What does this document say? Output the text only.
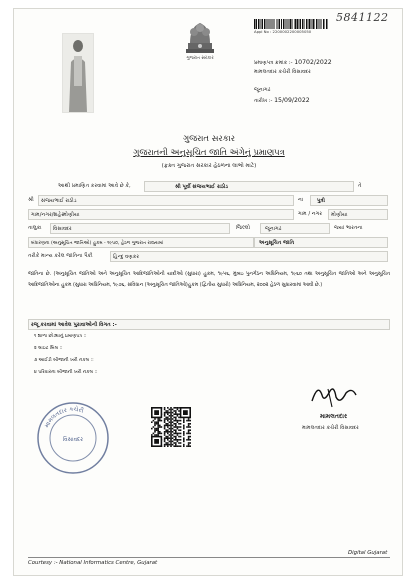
ગુજરાત સરકાર
Appl No : 2200002200005050
5841122
પ્રમાણપત્ર ક્રમાંક :- 10702/2022
મામલતદાર કચેરી વિસાવદર
જૂનાગઢ
તારીખ :- 15/09/2022
ગુજરાત સરકાર
ગુજરાતની અનુસૂચિત જાતિ અંગેનું પ્રમાણપત્ર
(ફક્ત ગુજરાત સરકાર હેઠળના લાભો માટે)
આથી પ્રમાણિત કરવામાં આવે છે કે,	શ્રી પૂર્વી સંજયભાઈ રાઠોડ	તે
શ્રી સંજયભાઈ રાઠોડ	ના	પુત્રી
ગામ/નગર/શહેર મોણીયા	ગામ / નગર મોણીયા
તાલુકા વિસાવદર	જિલ્લો	જૂનાગઢ	જ્યાં ભારતના
બંધારણના (અનુસૂચિત જાતિઓ) હુકમ - ૧૯૫૦, હેઠળ ગુજરાત રાજ્યમાં	અનુસૂચિત જાતિ
તરીકે માન્ય કરેલ જાતિના પૈકી	હિન્દુ વણકર
જાતિના છે. (અનુસૂચિત જાતિઓ અને અનુસૂચિત આદિજાતિઓની યાદીઓ (સુધારા) હુકમ, ૧૯૫૬, મુંબઇ પુનર્ગઠન અધિનિયમ, ૧૯૬૦ તથા અનુસૂચિત જાતિઓ અને અનુસૂચિત આદિજાતિઓના હુકમ (સુધારા અધિનિયમ, ૧૯૭૬, સંવિધાન (અનુસૂચિત જાતિઓ)હુકમ (દ્વિતીય સુધારો) અધિનિયમ, ૨૦૦૨ હેઠળ સુધારવામાં આવી છે.)
રજૂ કરવામાં આવેલ પુરાવાઓની વિગત :-
૧ શાળા છોડ્યાનું પ્રમાણપત્ર ::
૨ લાઇટ બિલ ::
૩ આઈડી બીજાની ખરી નકલ ::
૪ પરિવારના બીજાની ખરી નકલ ::
મામલતદાર
મામલતદાર કચેરી વિસાવદર
મામલતદાર કચેરી
વિસાવદર
Courtesy :- National Informatics Centre, Gujarat
Digital Gujarat
